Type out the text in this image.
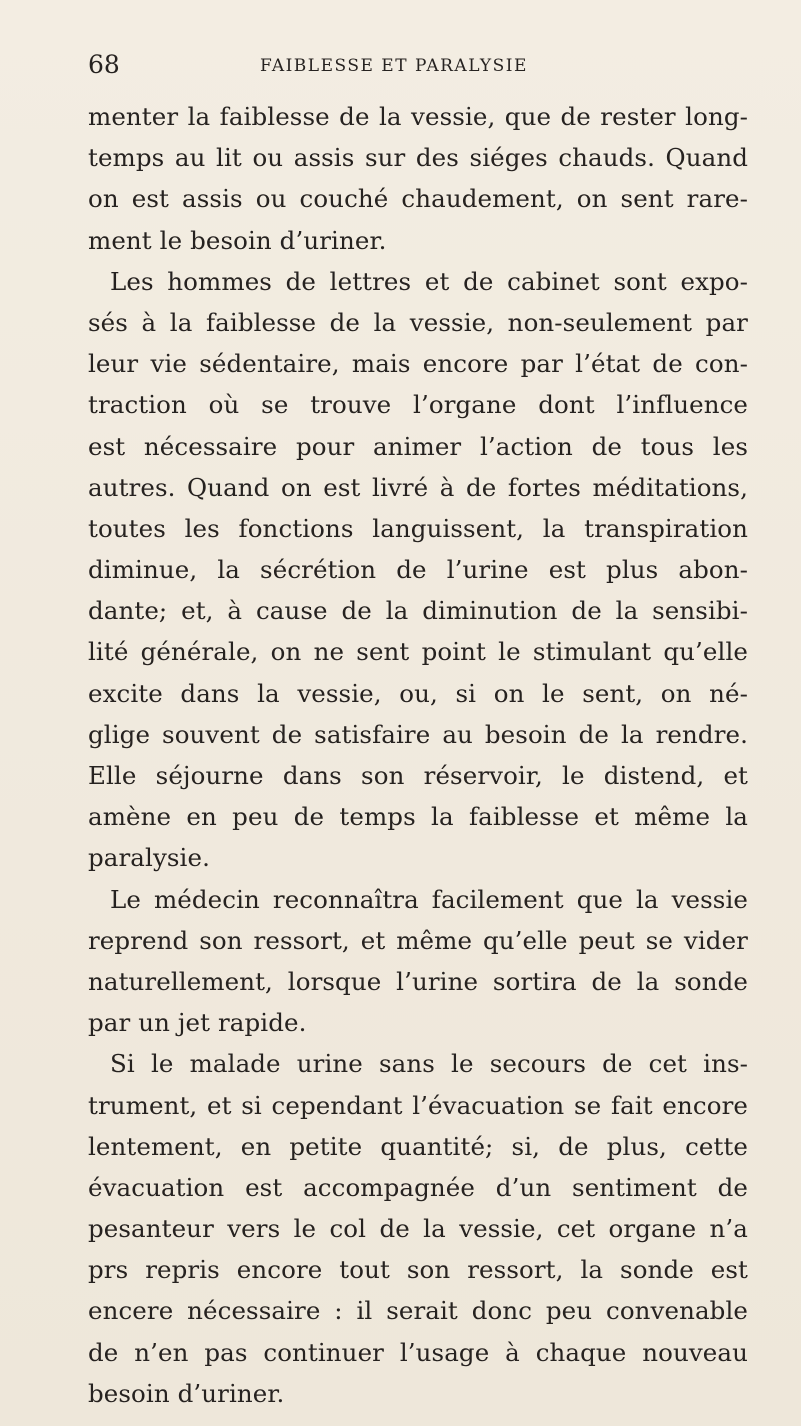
68	FAIBLESSE ET PARALYSIE
menter la faiblesse de la vessie, que de rester long-
temps au lit ou assis sur des siéges chauds. Quand
on est assis ou couché chaudement, on sent rare-
ment le besoin d’uriner.
Les hommes de lettres et de cabinet sont expo-
sés à la faiblesse de la vessie, non-seulement par
leur vie sédentaire, mais encore par l’état de con-
traction où se trouve l’organe dont l’influence
est nécessaire pour animer l’action de tous les
autres. Quand on est livré à de fortes méditations,
toutes les fonctions languissent, la transpiration
diminue, la sécrétion de l’urine est plus abon-
dante; et, à cause de la diminution de la sensibi-
lité générale, on ne sent point le stimulant qu’elle
excite dans la vessie, ou, si on le sent, on né-
glige souvent de satisfaire au besoin de la rendre.
Elle séjourne dans son réservoir, le distend, et
amène en peu de temps la faiblesse et même la
paralysie.
Le médecin reconnaîtra facilement que la vessie
reprend son ressort, et même qu’elle peut se vider
naturellement, lorsque l’urine sortira de la sonde
par un jet rapide.
Si le malade urine sans le secours de cet ins-
trument, et si cependant l’évacuation se fait encore
lentement, en petite quantité; si, de plus, cette
évacuation est accompagnée d’un sentiment de
pesanteur vers le col de la vessie, cet organe n’a
prs repris encore tout son ressort, la sonde est
encere nécessaire : il serait donc peu convenable
de n’en pas continuer l’usage à chaque nouveau
besoin d’uriner.
